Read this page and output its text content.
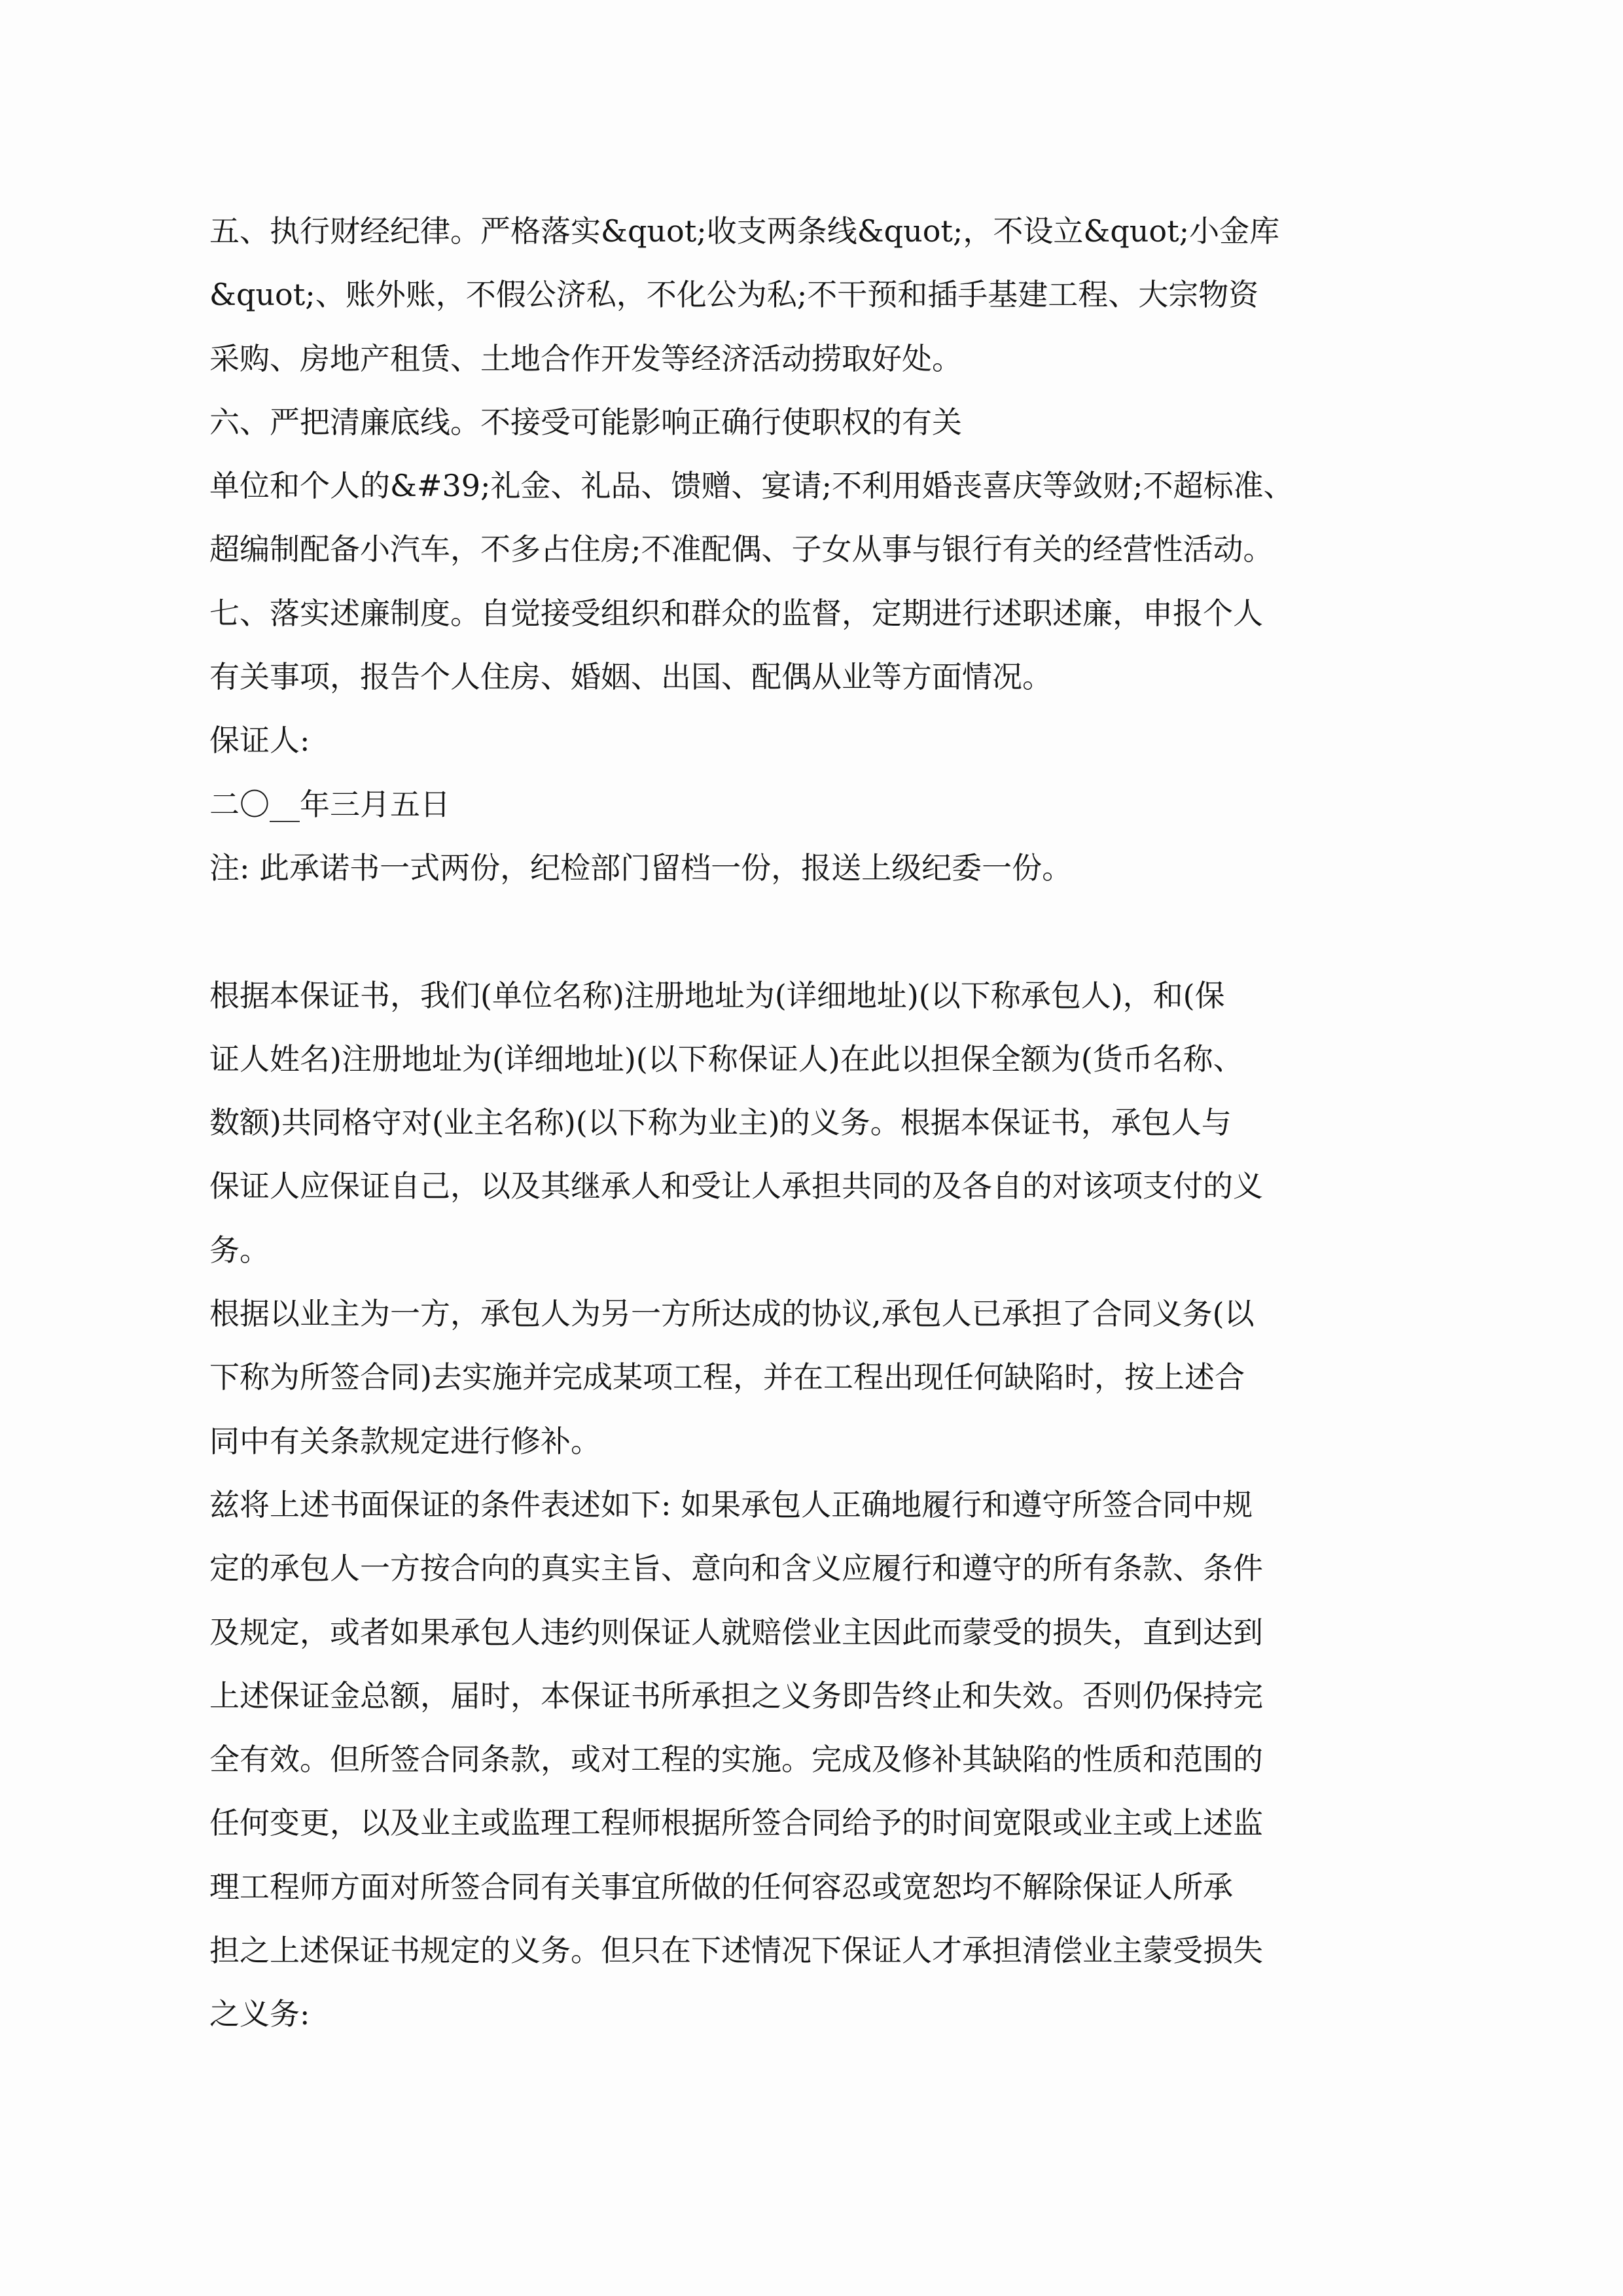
五、执行财经纪律。严格落实&quot;收支两条线&quot;，不设立&quot;小金库
&quot;、账外账，不假公济私，不化公为私;不干预和插手基建工程、大宗物资
采购、房地产租赁、土地合作开发等经济活动捞取好处。
六、严把清廉底线。不接受可能影响正确行使职权的有关
单位和个人的&#39;礼金、礼品、馈赠、宴请;不利用婚丧喜庆等敛财;不超标准、
超编制配备小汽车，不多占住房;不准配偶、子女从事与银行有关的经营性活动。
七、落实述廉制度。自觉接受组织和群众的监督，定期进行述职述廉，申报个人
有关事项，报告个人住房、婚姻、出国、配偶从业等方面情况。
保证人:
二〇__年三月五日
注: 此承诺书一式两份，纪检部门留档一份，报送上级纪委一份。
根据本保证书，我们(单位名称)注册地址为(详细地址)(以下称承包人)，和(保
证人姓名)注册地址为(详细地址)(以下称保证人)在此以担保全额为(货币名称、
数额)共同格守对(业主名称)(以下称为业主)的义务。根据本保证书，承包人与
保证人应保证自己，以及其继承人和受让人承担共同的及各自的对该项支付的义
务。
根据以业主为一方，承包人为另一方所达成的协议,承包人已承担了合同义务(以
下称为所签合同)去实施并完成某项工程，并在工程出现任何缺陷时，按上述合
同中有关条款规定进行修补。
兹将上述书面保证的条件表述如下: 如果承包人正确地履行和遵守所签合同中规
定的承包人一方按合向的真实主旨、意向和含义应履行和遵守的所有条款、条件
及规定，或者如果承包人违约则保证人就赔偿业主因此而蒙受的损失，直到达到
上述保证金总额，届时，本保证书所承担之义务即告终止和失效。否则仍保持完
全有效。但所签合同条款，或对工程的实施。完成及修补其缺陷的性质和范围的
任何变更，以及业主或监理工程师根据所签合同给予的时间宽限或业主或上述监
理工程师方面对所签合同有关事宜所做的任何容忍或宽恕均不解除保证人所承
担之上述保证书规定的义务。但只在下述情况下保证人才承担清偿业主蒙受损失
之义务:
